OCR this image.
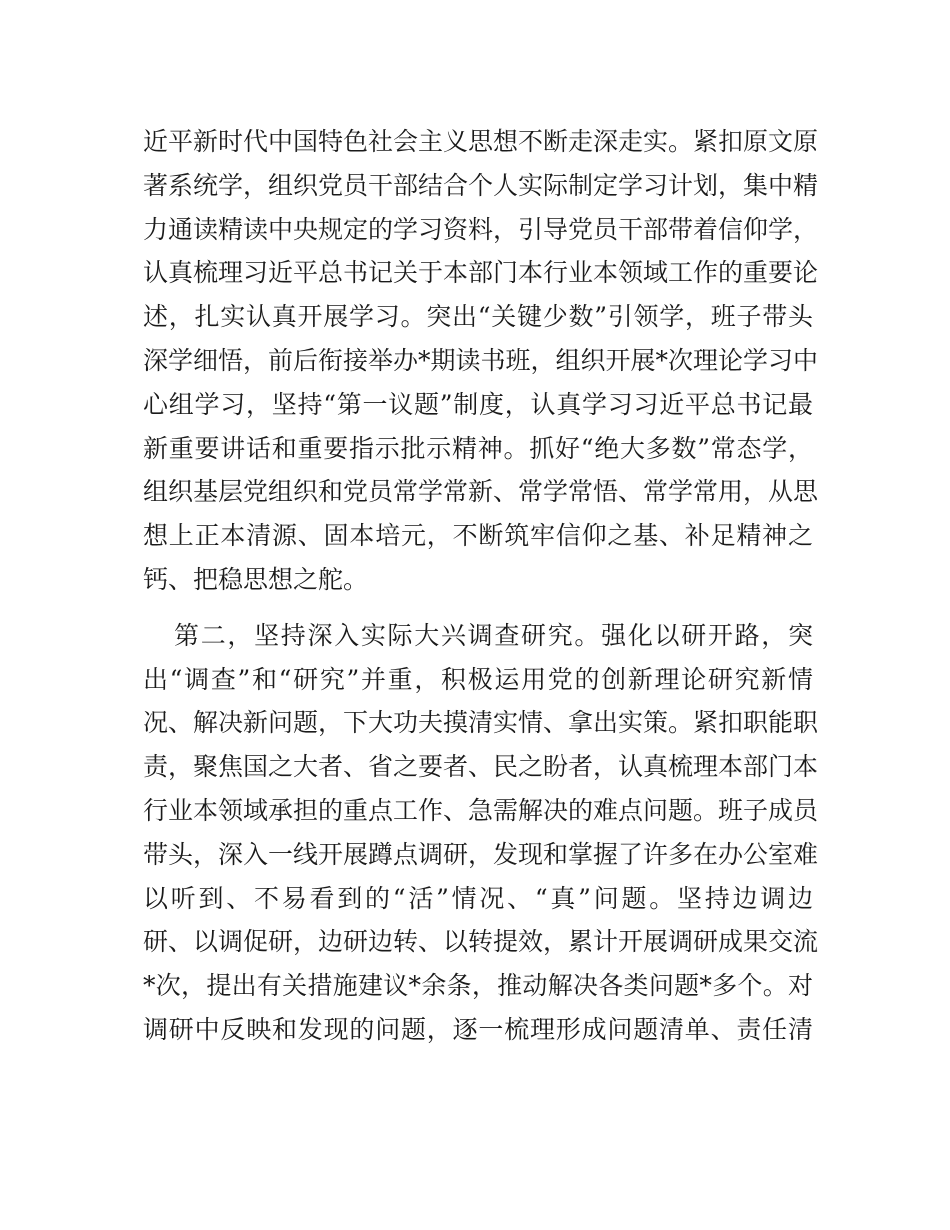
近平新时代中国特色社会主义思想不断走深走实。紧扣原文原
著系统学，组织党员干部结合个人实际制定学习计划，集中精
力通读精读中央规定的学习资料，引导党员干部带着信仰学，
认真梳理习近平总书记关于本部门本行业本领域工作的重要论
述，扎实认真开展学习。突出“关键少数”引领学，班子带头
深学细悟，前后衔接举办*期读书班，组织开展*次理论学习中
心组学习，坚持“第一议题”制度，认真学习习近平总书记最
新重要讲话和重要指示批示精神。抓好“绝大多数”常态学，
组织基层党组织和党员常学常新、常学常悟、常学常用，从思
想上正本清源、固本培元，不断筑牢信仰之基、补足精神之
钙、把稳思想之舵。
第二，坚持深入实际大兴调查研究。强化以研开路，突
出“调查”和“研究”并重，积极运用党的创新理论研究新情
况、解决新问题，下大功夫摸清实情、拿出实策。紧扣职能职
责，聚焦国之大者、省之要者、民之盼者，认真梳理本部门本
行业本领域承担的重点工作、急需解决的难点问题。班子成员
带头，深入一线开展蹲点调研，发现和掌握了许多在办公室难
以听到、不易看到的“活”情况、“真”问题。坚持边调边
研、以调促研，边研边转、以转提效，累计开展调研成果交流
*次，提出有关措施建议*余条，推动解决各类问题*多个。对
调研中反映和发现的问题，逐一梳理形成问题清单、责任清
